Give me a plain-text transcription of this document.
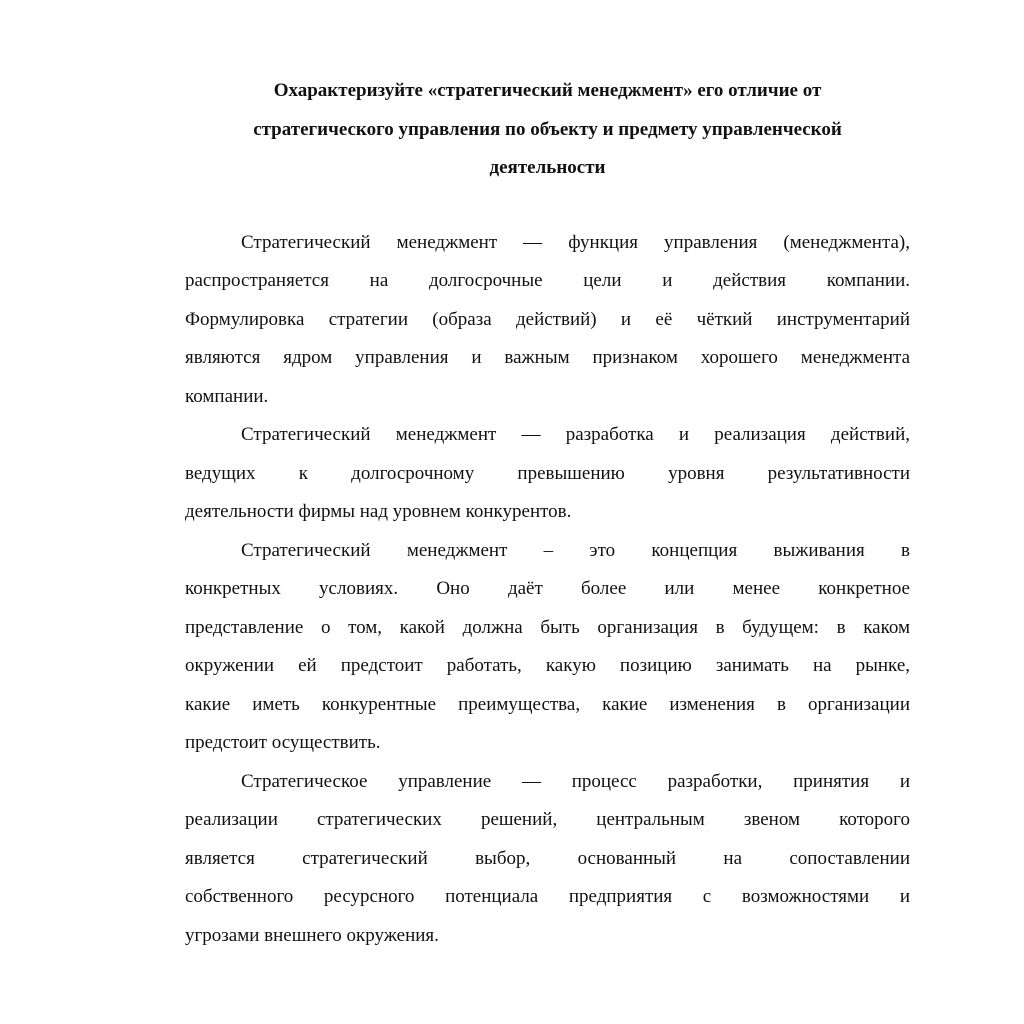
Охарактеризуйте «стратегический менеджмент» его отличие от
стратегического управления по объекту и предмету управленческой
деятельности

Стратегический менеджмент — функция управления (менеджмента),
распространяется на долгосрочные цели и действия компании.
Формулировка стратегии (образа действий) и её чёткий инструментарий
являются ядром управления и важным признаком хорошего менеджмента
компании.

Стратегический менеджмент — разработка и реализация действий,
ведущих к долгосрочному превышению уровня результативности
деятельности фирмы над уровнем конкурентов.

Стратегический менеджмент – это концепция выживания в
конкретных условиях. Оно даёт более или менее конкретное
представление о том, какой должна быть организация в будущем: в каком
окружении ей предстоит работать, какую позицию занимать на рынке,
какие иметь конкурентные преимущества, какие изменения в организации
предстоит осуществить.

Стратегическое управление — процесс разработки, принятия и
реализации стратегических решений, центральным звеном которого
является стратегический выбор, основанный на сопоставлении
собственного ресурсного потенциала предприятия с возможностями и
угрозами внешнего окружения.
